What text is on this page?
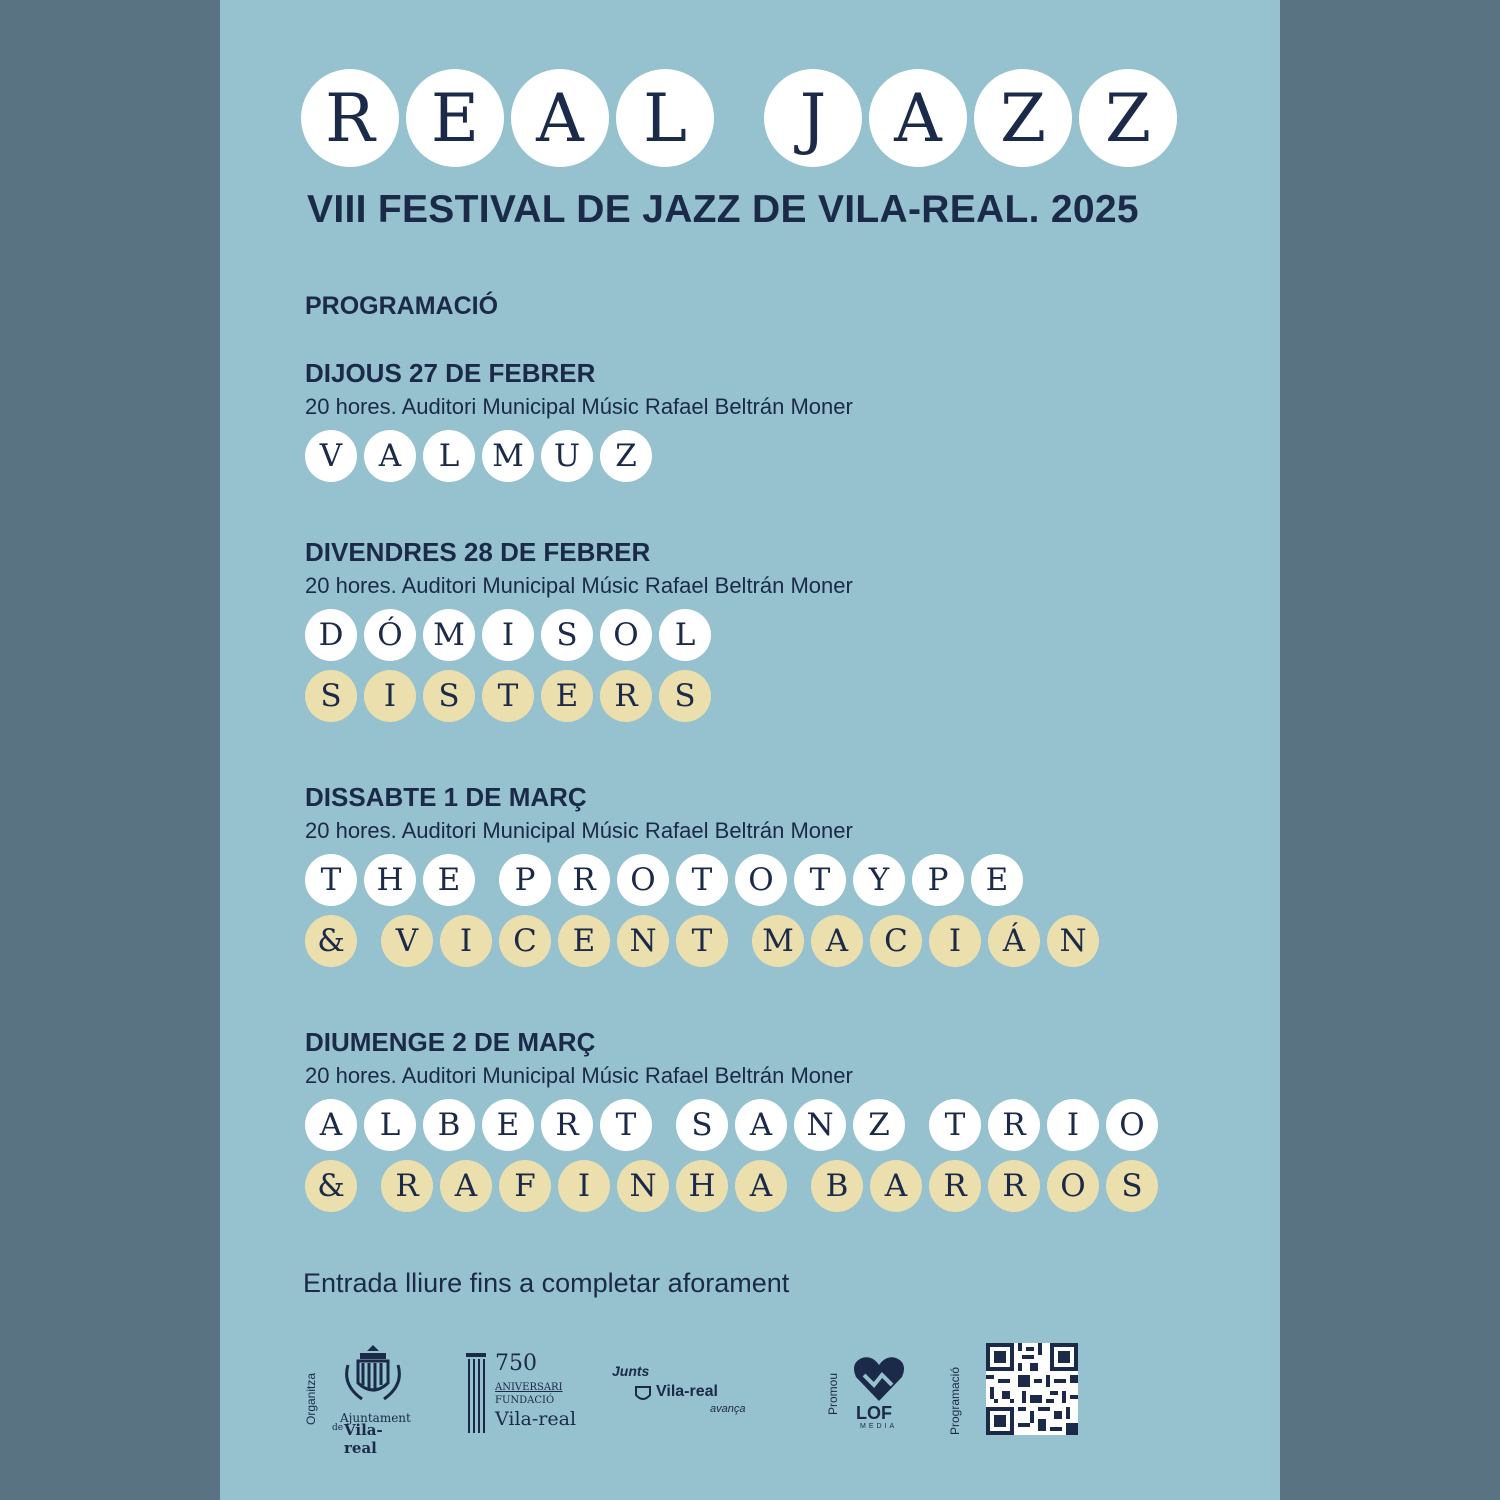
R E A L J A Z Z
VIII FESTIVAL DE JAZZ DE VILA-REAL. 2025
PROGRAMACIÓ
DIJOUS 27 DE FEBRER
20 hores. Auditori Municipal Músic Rafael Beltrán Moner
V A L M U Z
DIVENDRES 28 DE FEBRER
20 hores. Auditori Municipal Músic Rafael Beltrán Moner
D Ó M I S O L
S I S T E R S
DISSABTE 1 DE MARÇ
20 hores. Auditori Municipal Músic Rafael Beltrán Moner
T H E P R O T O T Y P E
& V I C E N T M A C I Á N
DIUMENGE 2 DE MARÇ
20 hores. Auditori Municipal Músic Rafael Beltrán Moner
A L B E R T S A N Z T R I O
& R A F I N H A B A R R O S
Entrada lliure fins a completar aforament
Organitza Ajuntament
de Vila-real
750
ANIVERSARI
FUNDACIÓ
Vila-real
Junts
Vila-real
avança	Promou LOF
MEDIA	Programació
